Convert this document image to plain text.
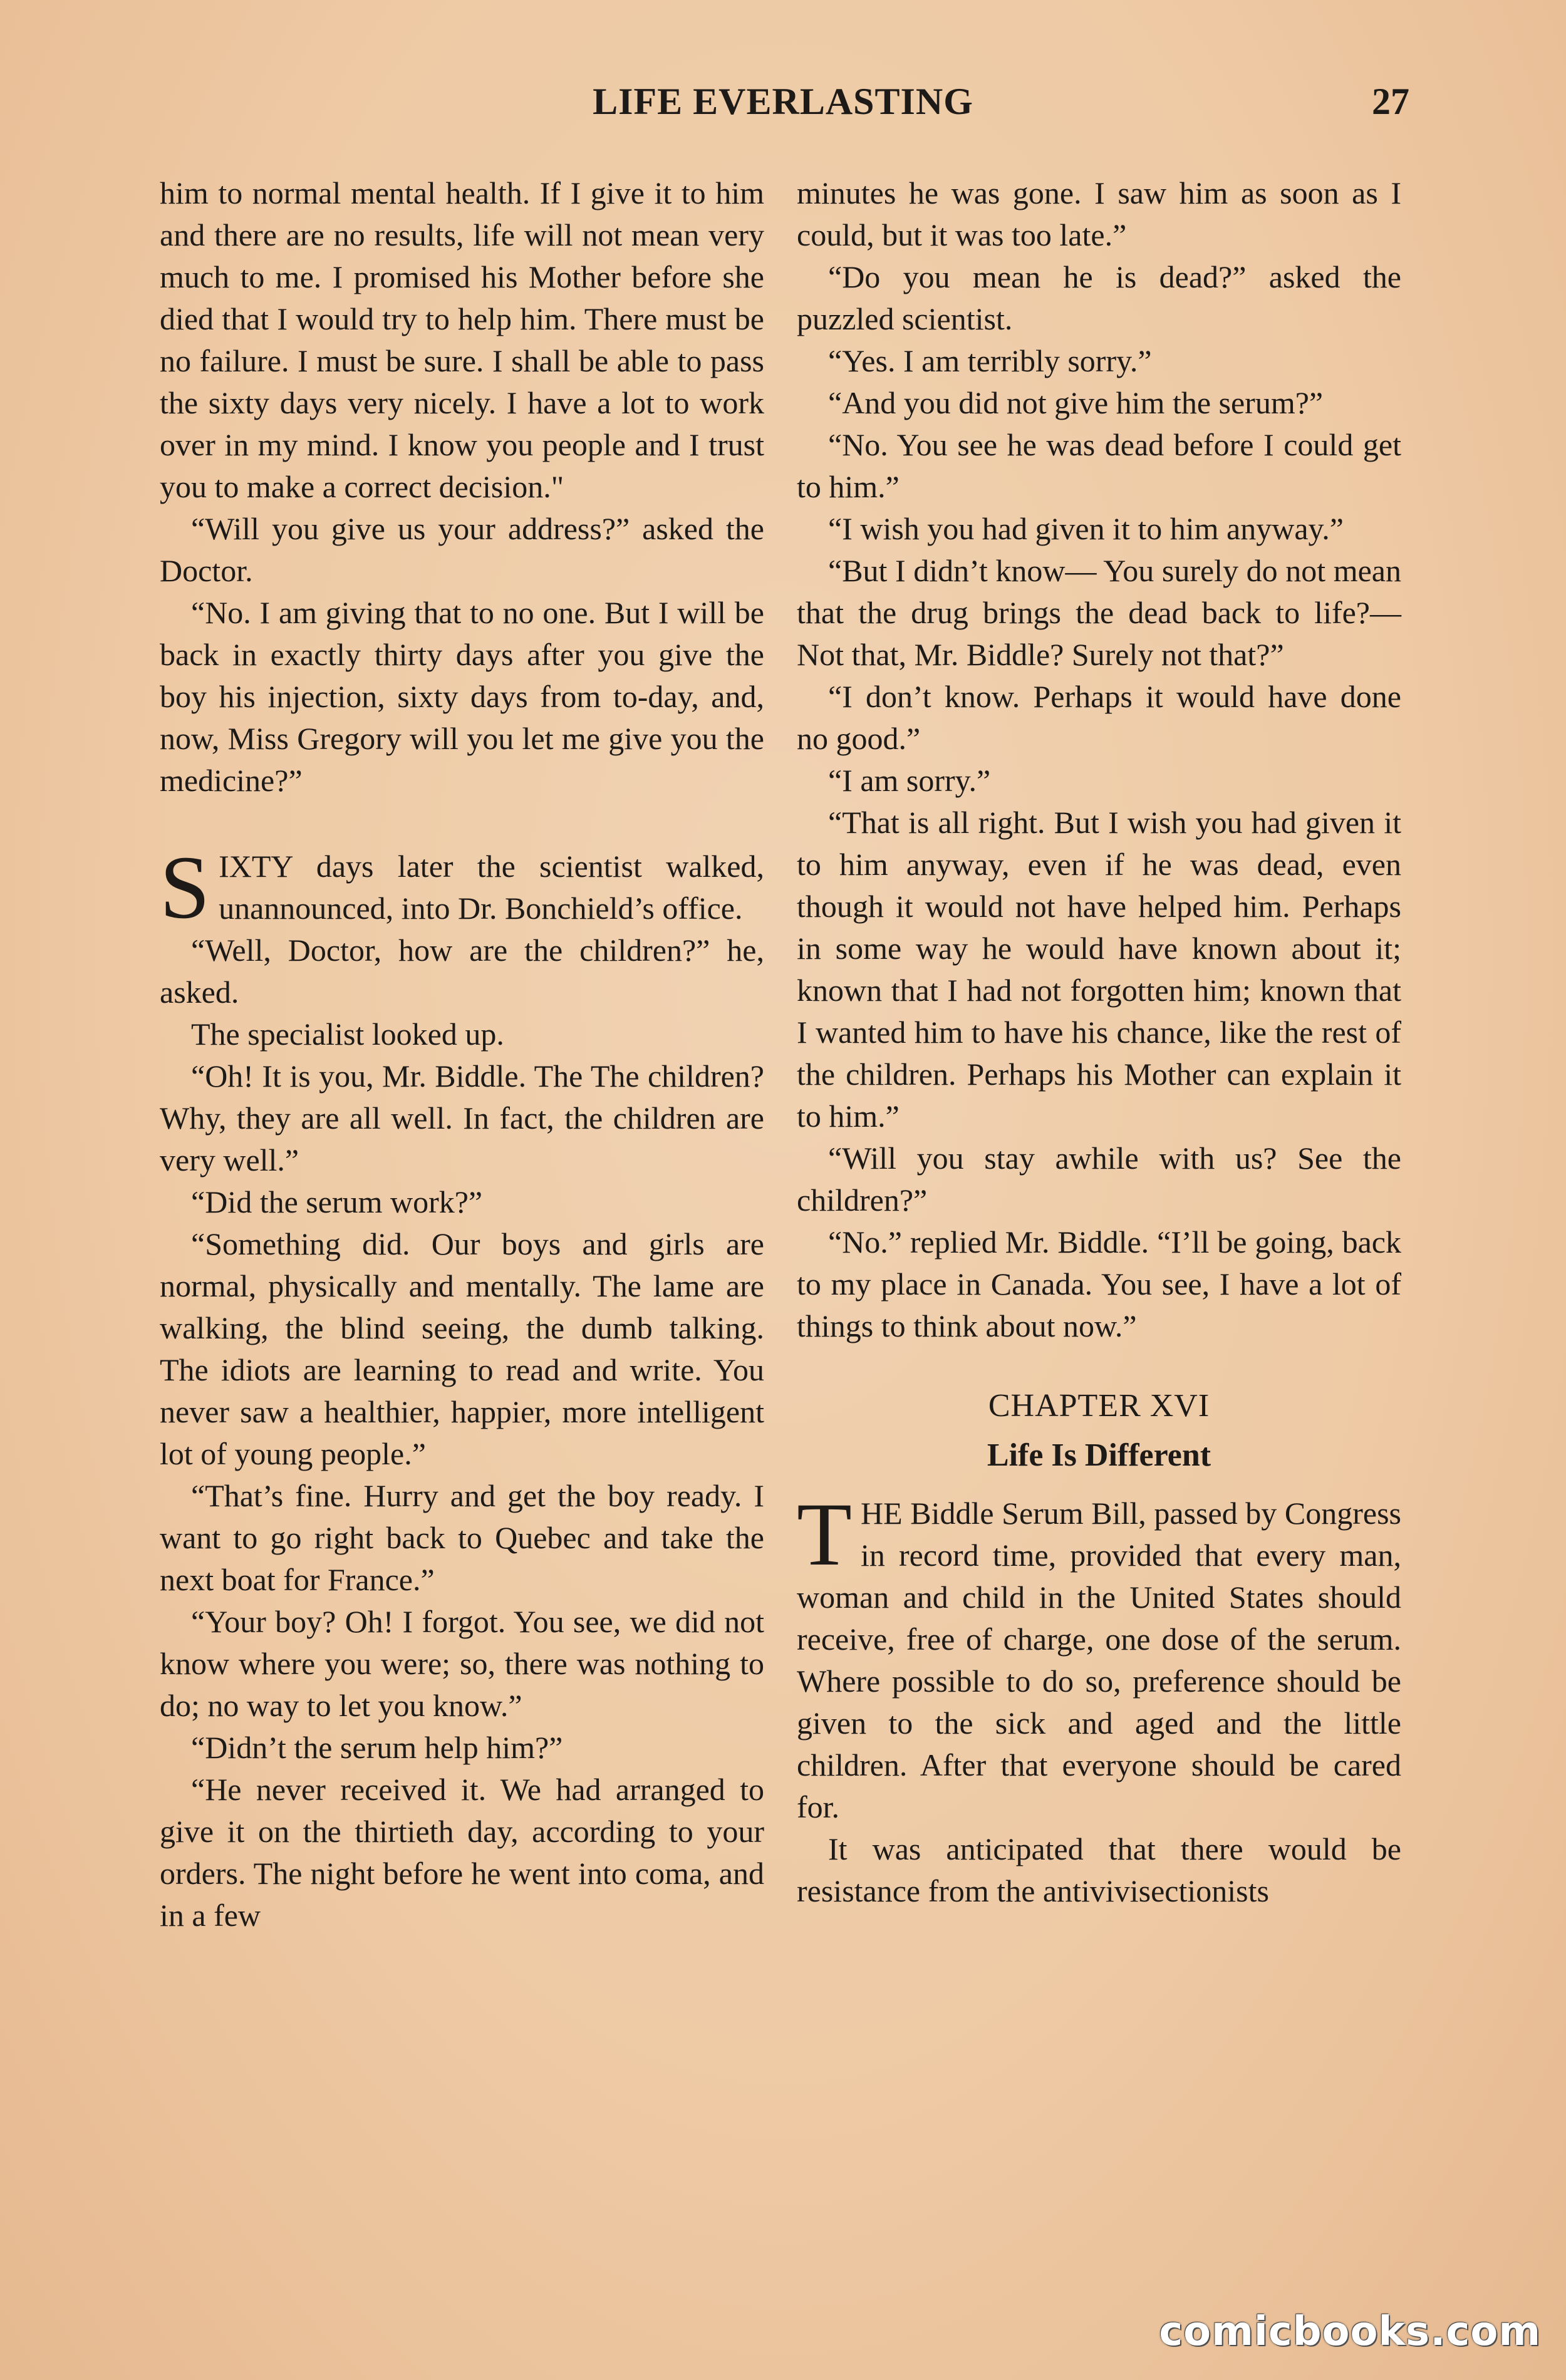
LIFE EVERLASTING	27

him to normal mental health. If I give it to him and there are no results, life will not mean very much to me. I promised his Mother before she died that I would try to help him. There must be no failure. I must be sure. I shall be able to pass the sixty days very nicely. I have a lot to work over in my mind. I know you people and I trust you to make a correct decision."

“Will you give us your address?” asked the Doctor.

“No. I am giving that to no one. But I will be back in exactly thirty days after you give the boy his injection, sixty days from to-day, and, now, Miss Gregory will you let me give you the medicine?”

SIXTY days later the scientist walked, unannounced, into Dr. Bonchield’s office.

“Well, Doctor, how are the children?” he, asked.

The specialist looked up.

“Oh! It is you, Mr. Biddle. The The children? Why, they are all well. In fact, the children are very well.”

“Did the serum work?”

“Something did. Our boys and girls are normal, physically and mentally. The lame are walking, the blind seeing, the dumb talking. The idiots are learning to read and write. You never saw a healthier, happier, more intelligent lot of young people.”

“That’s fine. Hurry and get the boy ready. I want to go right back to Quebec and take the next boat for France.”

“Your boy? Oh! I forgot. You see, we did not know where you were; so, there was nothing to do; no way to let you know.”

“Didn’t the serum help him?”

“He never received it. We had arranged to give it on the thirtieth day, according to your orders. The night before he went into coma, and in a few

minutes he was gone. I saw him as soon as I could, but it was too late.”

“Do you mean he is dead?” asked the puzzled scientist.

“Yes. I am terribly sorry.”

“And you did not give him the serum?”

“No. You see he was dead before I could get to him.”

“I wish you had given it to him anyway.”

“But I didn’t know— You surely do not mean that the drug brings the dead back to life?— Not that, Mr. Biddle? Surely not that?”

“I don’t know. Perhaps it would have done no good.”

“I am sorry.”

“That is all right. But I wish you had given it to him anyway, even if he was dead, even though it would not have helped him. Perhaps in some way he would have known about it; known that I had not forgotten him; known that I wanted him to have his chance, like the rest of the children. Perhaps his Mother can explain it to him.”

“Will you stay awhile with us? See the children?”

“No.” replied Mr. Biddle. “I’ll be going, back to my place in Canada. You see, I have a lot of things to think about now.”

CHAPTER XVI
Life Is Different

THE Biddle Serum Bill, passed by Congress in record time, provided that every man, woman and child in the United States should receive, free of charge, one dose of the serum. Where possible to do so, preference should be given to the sick and aged and the little children. After that everyone should be cared for.

It was anticipated that there would be resistance from the antivivisectionists

comicbooks.com
